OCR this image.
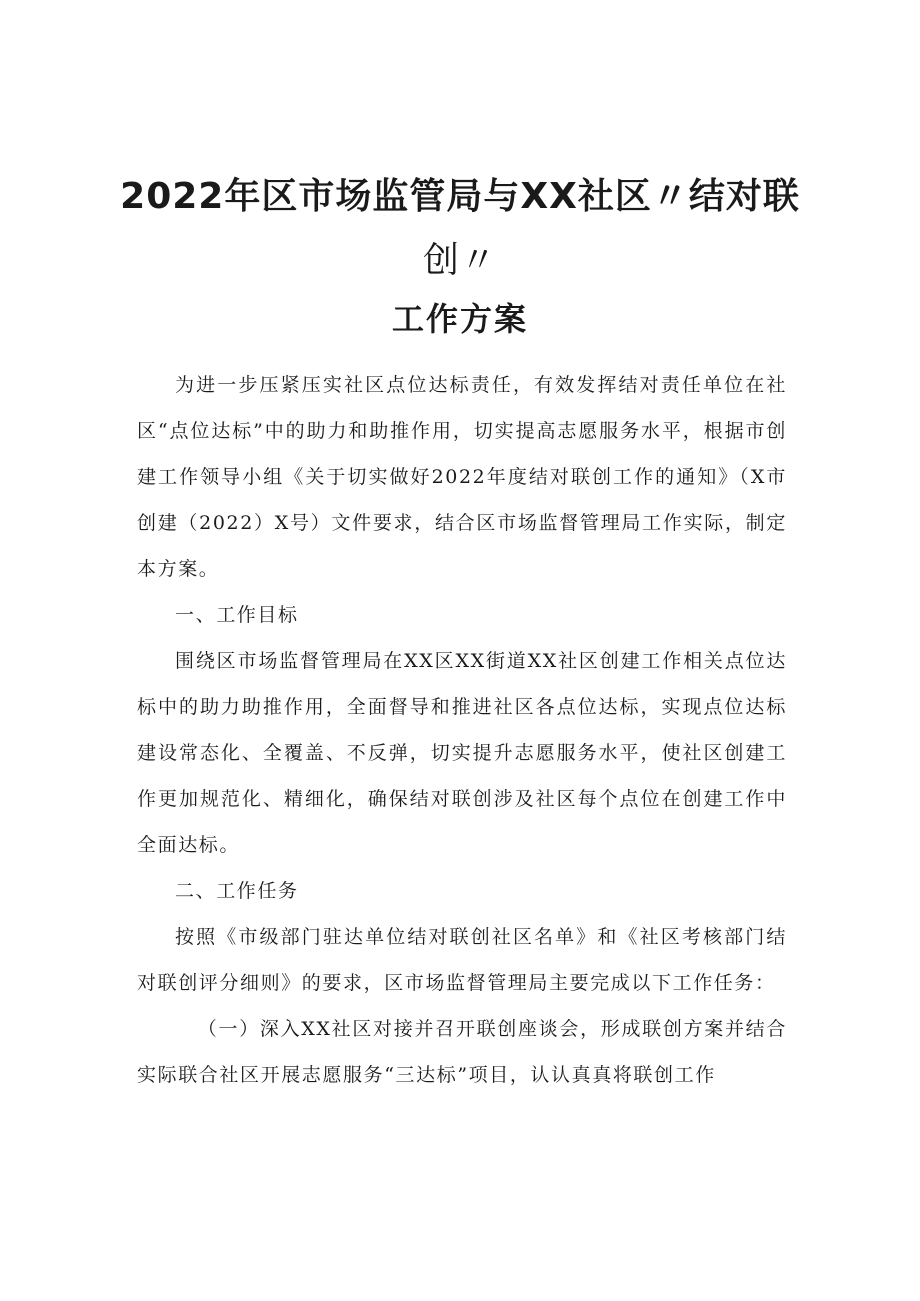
2022年区市场监管局与XX社区〃结对联
创〃
工作方案

为进一步压紧压实社区点位达标责任，有效发挥结对责任单位在社区“点位达标”中的助力和助推作用，切实提高志愿服务水平，根据市创建工作领导小组《关于切实做好2022年度结对联创工作的通知》（X市创建（2022）X号）文件要求，结合区市场监督管理局工作实际，制定本方案。

一、工作目标

围绕区市场监督管理局在XX区XX街道XX社区创建工作相关点位达标中的助力助推作用，全面督导和推进社区各点位达标，实现点位达标建设常态化、全覆盖、不反弹，切实提升志愿服务水平，使社区创建工作更加规范化、精细化，确保结对联创涉及社区每个点位在创建工作中全面达标。

二、工作任务

按照《市级部门驻达单位结对联创社区名单》和《社区考核部门结对联创评分细则》的要求，区市场监督管理局主要完成以下工作任务：

（一）深入XX社区对接并召开联创座谈会，形成联创方案并结合实际联合社区开展志愿服务“三达标”项目，认认真真将联创工作
